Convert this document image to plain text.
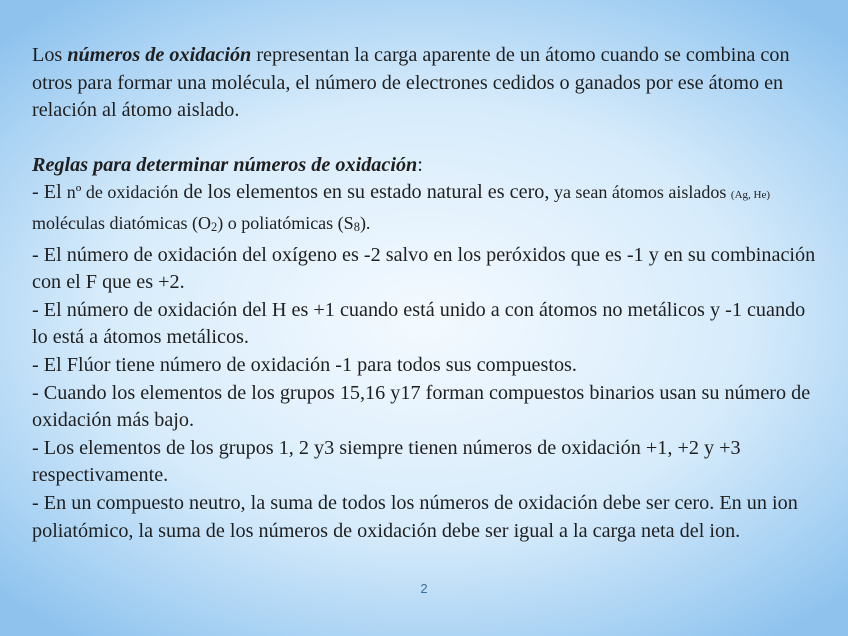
Los números de oxidación representan la carga aparente de un átomo cuando se combina con otros para formar una molécula, el número de electrones cedidos o ganados por ese átomo en relación al átomo aislado.

Reglas para determinar números de oxidación:

- El nº de oxidación de los elementos en su estado natural es cero, ya sean átomos aislados (Ag, He) moléculas diatómicas (O2) o poliatómicas (S8).

- El número de oxidación del oxígeno es -2 salvo en los peróxidos que es -1 y en su combinación con el F que es +2.

- El número de oxidación del H es +1 cuando está unido a con átomos no metálicos y -1 cuando lo está a átomos metálicos.

- El Flúor tiene número de oxidación -1 para todos sus compuestos.

- Cuando los elementos de los grupos 15,16 y17 forman compuestos binarios usan su número de oxidación más bajo.

- Los elementos de los grupos 1, 2 y3 siempre tienen números de oxidación +1, +2 y +3 respectivamente.

- En un compuesto neutro, la suma de todos los números de oxidación debe ser cero. En un ion poliatómico, la suma de los números de oxidación debe ser igual a la carga neta del ion.

2
